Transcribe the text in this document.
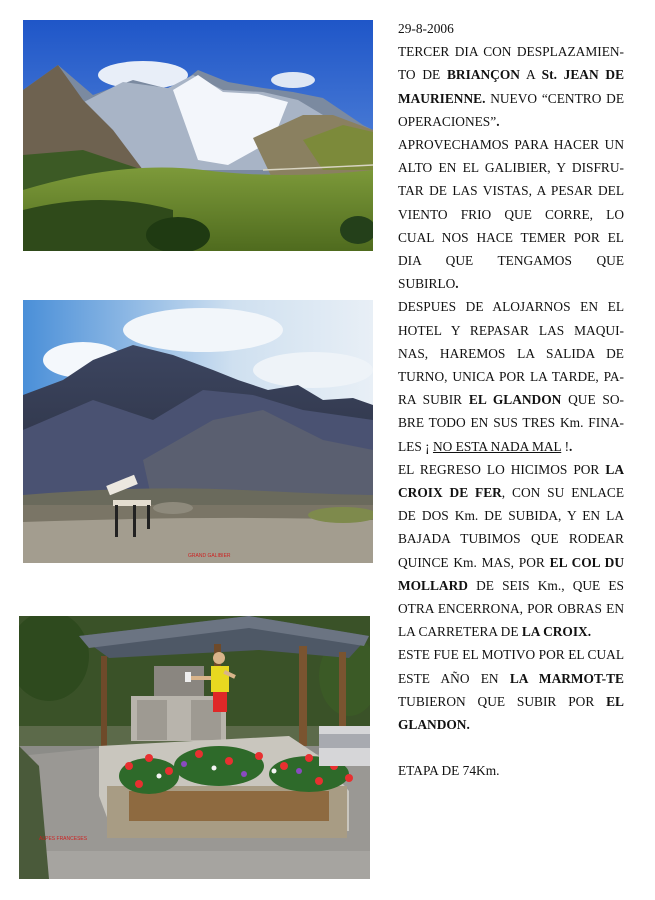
GRAND GALIBIER
ALPES FRANCESES

29-8-2006

TERCER DIA CON DESPLAZAMIEN-TO DE BRIANÇON A St. JEAN DE MAURIENNE. NUEVO “CENTRO DE OPERACIONES”.

APROVECHAMOS PARA HACER UN ALTO EN EL GALIBIER, Y DISFRU-TAR DE LAS VISTAS, A PESAR DEL VIENTO FRIO QUE CORRE, LO CUAL NOS HACE TEMER POR EL DIA QUE TENGAMOS QUE SUBIRLO.

DESPUES DE ALOJARNOS EN EL HOTEL Y REPASAR LAS MAQUI-NAS, HAREMOS LA SALIDA DE TURNO, UNICA POR LA TARDE, PA-RA SUBIR EL GLANDON QUE SO-BRE TODO EN SUS TRES Km. FINA-LES ¡ NO ESTA NADA MAL !.

EL REGRESO LO HICIMOS POR LA CROIX DE FER, CON SU ENLACE DE DOS Km. DE SUBIDA, Y EN LA BAJADA TUBIMOS QUE RODEAR QUINCE Km. MAS, POR EL COL DU MOLLARD DE SEIS Km., QUE ES OTRA ENCERRONA, POR OBRAS EN LA CARRETERA DE LA CROIX.

ESTE FUE EL MOTIVO POR EL CUAL ESTE AÑO EN LA MARMOT-TE TUBIERON QUE SUBIR POR EL GLANDON.

ETAPA DE 74Km.
